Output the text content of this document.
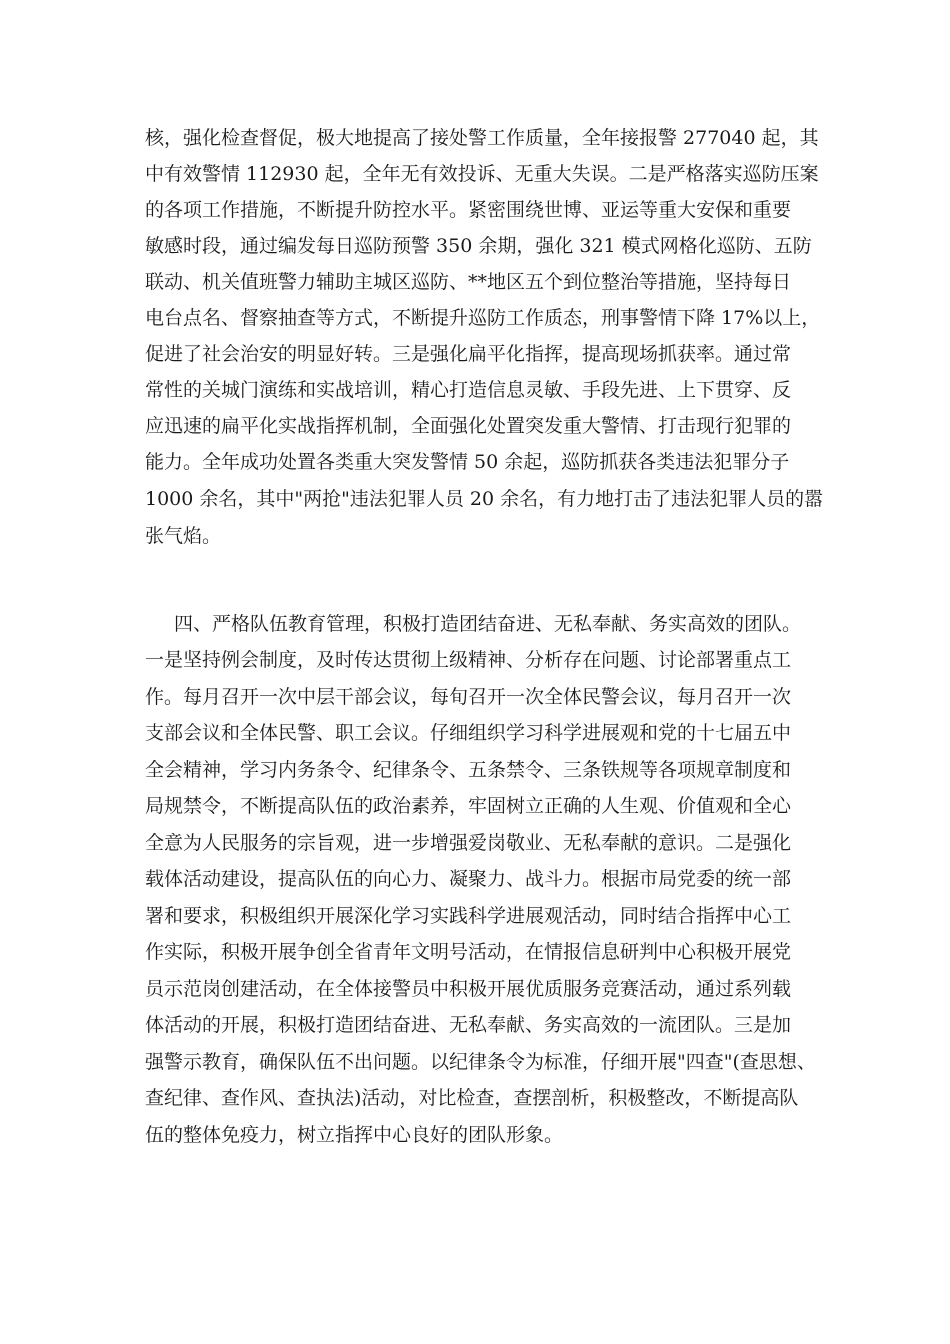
核，强化检查督促，极大地提高了接处警工作质量，全年接报警 277040 起，其
中有效警情 112930 起，全年无有效投诉、无重大失误。二是严格落实巡防压案
的各项工作措施，不断提升防控水平。紧密围绕世博、亚运等重大安保和重要
敏感时段，通过编发每日巡防预警 350 余期，强化 321 模式网格化巡防、五防
联动、机关值班警力辅助主城区巡防、**地区五个到位整治等措施，坚持每日
电台点名、督察抽查等方式，不断提升巡防工作质态，刑事警情下降 17%以上，
促进了社会治安的明显好转。三是强化扁平化指挥，提高现场抓获率。通过常
常性的关城门演练和实战培训，精心打造信息灵敏、手段先进、上下贯穿、反
应迅速的扁平化实战指挥机制，全面强化处置突发重大警情、打击现行犯罪的
能力。全年成功处置各类重大突发警情 50 余起，巡防抓获各类违法犯罪分子
1000 余名，其中"两抢"违法犯罪人员 20 余名，有力地打击了违法犯罪人员的嚣
张气焰。
四、严格队伍教育管理，积极打造团结奋进、无私奉献、务实高效的团队。
一是坚持例会制度，及时传达贯彻上级精神、分析存在问题、讨论部署重点工
作。每月召开一次中层干部会议，每旬召开一次全体民警会议，每月召开一次
支部会议和全体民警、职工会议。仔细组织学习科学进展观和党的十七届五中
全会精神，学习内务条令、纪律条令、五条禁令、三条铁规等各项规章制度和
局规禁令，不断提高队伍的政治素养，牢固树立正确的人生观、价值观和全心
全意为人民服务的宗旨观，进一步增强爱岗敬业、无私奉献的意识。二是强化
载体活动建设，提高队伍的向心力、凝聚力、战斗力。根据市局党委的统一部
署和要求，积极组织开展深化学习实践科学进展观活动，同时结合指挥中心工
作实际，积极开展争创全省青年文明号活动，在情报信息研判中心积极开展党
员示范岗创建活动，在全体接警员中积极开展优质服务竞赛活动，通过系列载
体活动的开展，积极打造团结奋进、无私奉献、务实高效的一流团队。三是加
强警示教育，确保队伍不出问题。以纪律条令为标准，仔细开展"四查"(查思想、
查纪律、查作风、查执法)活动，对比检查，查摆剖析，积极整改，不断提高队
伍的整体免疫力，树立指挥中心良好的团队形象。
